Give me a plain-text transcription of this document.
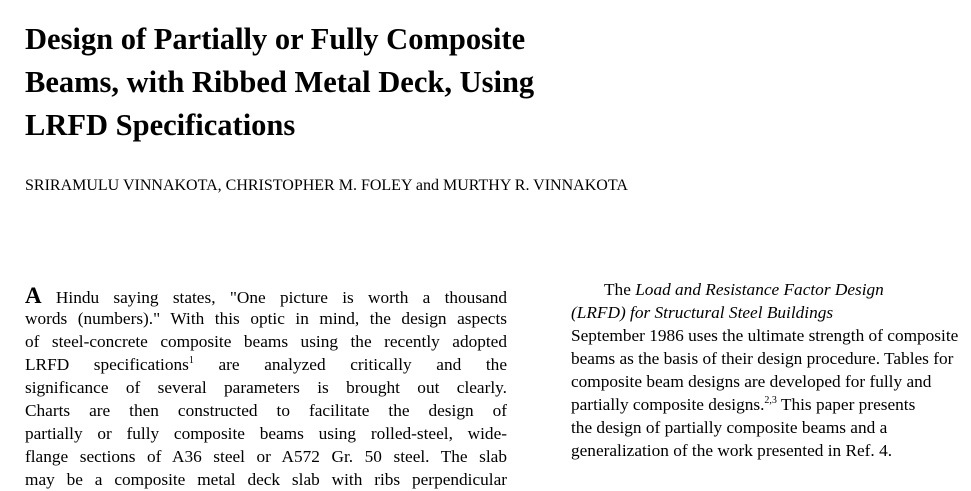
Design of Partially or Fully Composite
Beams, with Ribbed Metal Deck, Using
LRFD Specifications

SRIRAMULU VINNAKOTA, CHRISTOPHER M. FOLEY and MURTHY R. VINNAKOTA

A Hindu saying states, "One picture is worth a thousand
words (numbers)." With this optic in mind, the design aspects
of steel-concrete composite beams using the recently adopted
LRFD specifications$^1$ are analyzed critically and the
significance of several parameters is brought out clearly.
Charts are then constructed to facilitate the design of
partially or fully composite beams using rolled-steel, wide-
flange sections of A36 steel or A572 Gr. 50 steel. The slab
may be a composite metal deck slab with ribs perpendicular
The Load and Resistance Factor Design
(LRFD) for Structural Steel Buildings
September 1986 uses the ultimate strength of composite
beams as the basis of their design procedure. Tables for
composite beam designs are developed for fully and
partially composite designs.$^{2,3}$ This paper presents
the design of partially composite beams and a
generalization of the work presented in Ref. 4.
